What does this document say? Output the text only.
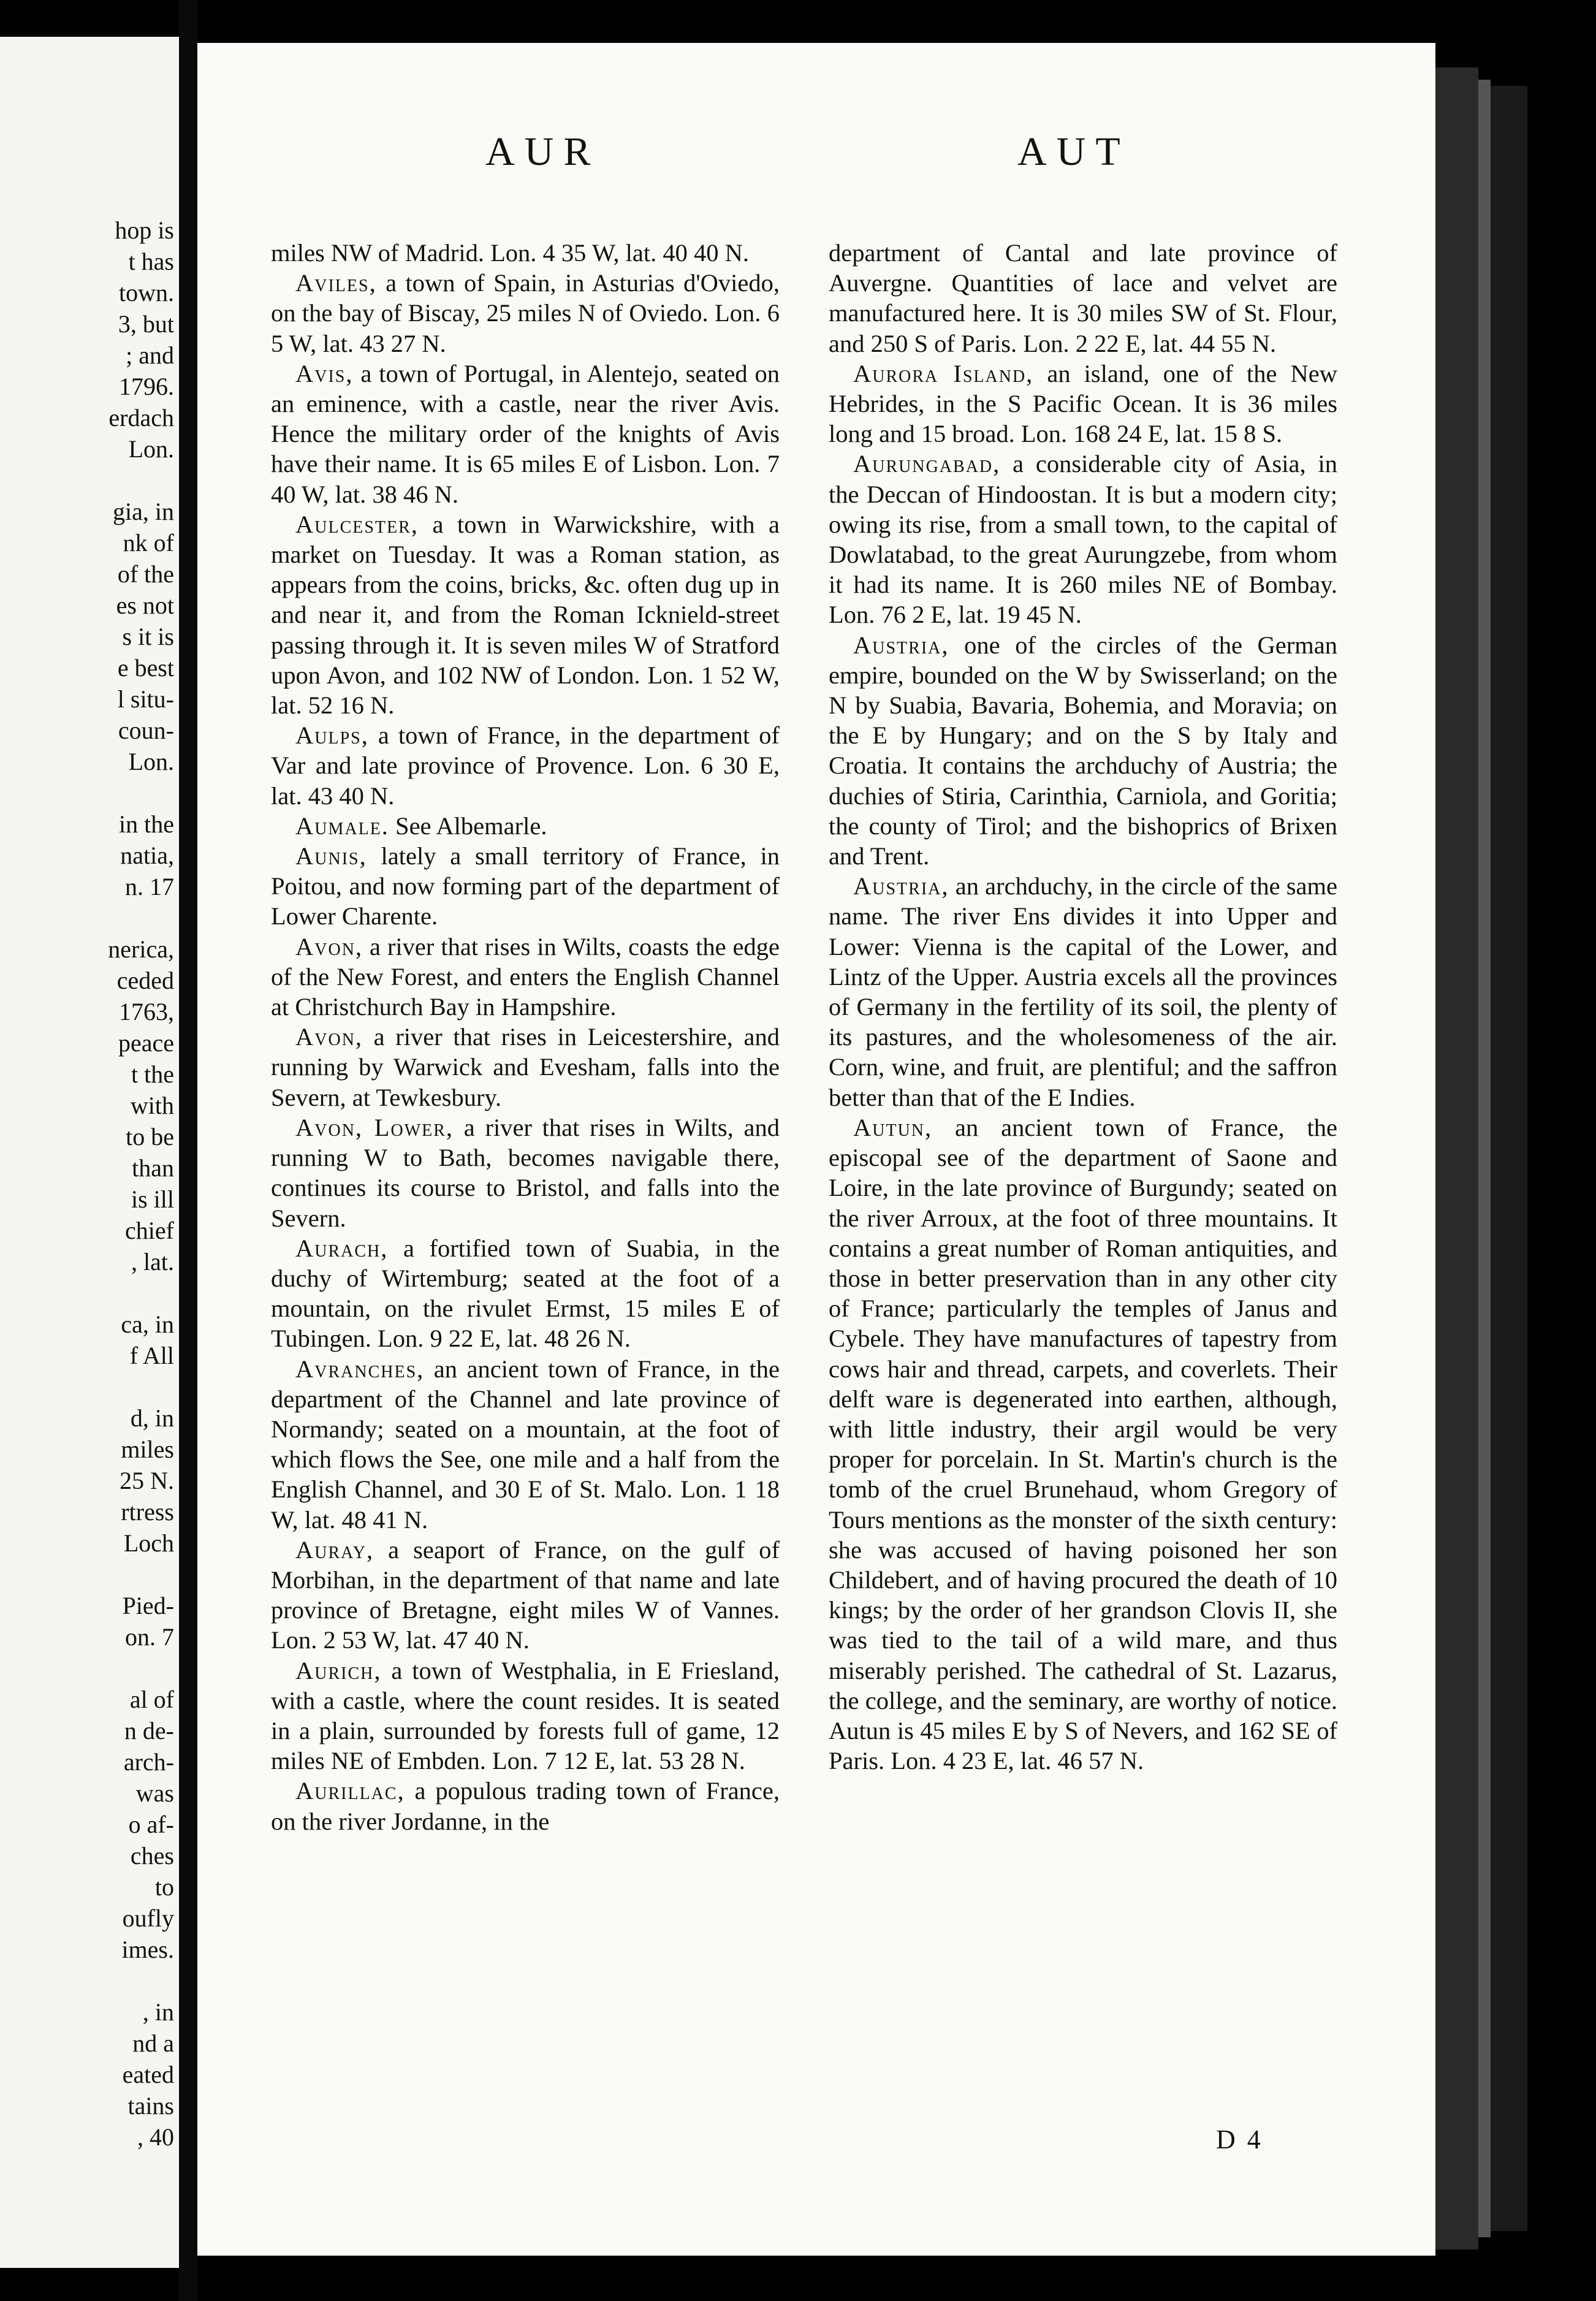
hop is
t has
town.
3, but
; and
1796.
erdach
Lon.

gia, in
nk of
of the
es not
s it is
e best
l situ-
coun-
Lon.

in the
natia,
n. 17

nerica,
ceded
1763,
peace
t the
with
to be
than
is ill
chief
, lat.

ca, in
f All

d, in
miles
25 N.
rtress
Loch

Pied-
on. 7

al of
n de-
arch-
was
o af-
ches
to
oufly
imes.

, in
nd a
eated
tains
, 40
AUR	AUT

miles NW of Madrid. Lon. 4 35 W, lat. 40 40 N.

Aviles, a town of Spain, in Asturias d'Oviedo, on the bay of Biscay, 25 miles N of Oviedo. Lon. 6 5 W, lat. 43 27 N.

Avis, a town of Portugal, in Alentejo, seated on an eminence, with a castle, near the river Avis. Hence the military order of the knights of Avis have their name. It is 65 miles E of Lisbon. Lon. 7 40 W, lat. 38 46 N.

Aulcester, a town in Warwickshire, with a market on Tuesday. It was a Roman station, as appears from the coins, bricks, &c. often dug up in and near it, and from the Roman Icknield-street passing through it. It is seven miles W of Stratford upon Avon, and 102 NW of London. Lon. 1 52 W, lat. 52 16 N.

Aulps, a town of France, in the department of Var and late province of Provence. Lon. 6 30 E, lat. 43 40 N.

Aumale. See Albemarle.

Aunis, lately a small territory of France, in Poitou, and now forming part of the department of Lower Charente.

Avon, a river that rises in Wilts, coasts the edge of the New Forest, and enters the English Channel at Christchurch Bay in Hampshire.

Avon, a river that rises in Leicestershire, and running by Warwick and Evesham, falls into the Severn, at Tewkesbury.

Avon, Lower, a river that rises in Wilts, and running W to Bath, becomes navigable there, continues its course to Bristol, and falls into the Severn.

Aurach, a fortified town of Suabia, in the duchy of Wirtemburg; seated at the foot of a mountain, on the rivulet Ermst, 15 miles E of Tubingen. Lon. 9 22 E, lat. 48 26 N.

Avranches, an ancient town of France, in the department of the Channel and late province of Normandy; seated on a mountain, at the foot of which flows the See, one mile and a half from the English Channel, and 30 E of St. Malo. Lon. 1 18 W, lat. 48 41 N.

Auray, a seaport of France, on the gulf of Morbihan, in the department of that name and late province of Bretagne, eight miles W of Vannes. Lon. 2 53 W, lat. 47 40 N.

Aurich, a town of Westphalia, in E Friesland, with a castle, where the count resides. It is seated in a plain, surrounded by forests full of game, 12 miles NE of Embden. Lon. 7 12 E, lat. 53 28 N.

Aurillac, a populous trading town of France, on the river Jordanne, in the

department of Cantal and late province of Auvergne. Quantities of lace and velvet are manufactured here. It is 30 miles SW of St. Flour, and 250 S of Paris. Lon. 2 22 E, lat. 44 55 N.

Aurora Island, an island, one of the New Hebrides, in the S Pacific Ocean. It is 36 miles long and 15 broad. Lon. 168 24 E, lat. 15 8 S.

Aurungabad, a considerable city of Asia, in the Deccan of Hindoostan. It is but a modern city; owing its rise, from a small town, to the capital of Dowlatabad, to the great Aurungzebe, from whom it had its name. It is 260 miles NE of Bombay. Lon. 76 2 E, lat. 19 45 N.

Austria, one of the circles of the German empire, bounded on the W by Swisserland; on the N by Suabia, Bavaria, Bohemia, and Moravia; on the E by Hungary; and on the S by Italy and Croatia. It contains the archduchy of Austria; the duchies of Stiria, Carinthia, Carniola, and Goritia; the county of Tirol; and the bishoprics of Brixen and Trent.

Austria, an archduchy, in the circle of the same name. The river Ens divides it into Upper and Lower: Vienna is the capital of the Lower, and Lintz of the Upper. Austria excels all the provinces of Germany in the fertility of its soil, the plenty of its pastures, and the wholesomeness of the air. Corn, wine, and fruit, are plentiful; and the saffron better than that of the E Indies.

Autun, an ancient town of France, the episcopal see of the department of Saone and Loire, in the late province of Burgundy; seated on the river Arroux, at the foot of three mountains. It contains a great number of Roman antiquities, and those in better preservation than in any other city of France; particularly the temples of Janus and Cybele. They have manufactures of tapestry from cows hair and thread, carpets, and coverlets. Their delft ware is degenerated into earthen, although, with little industry, their argil would be very proper for porcelain. In St. Martin's church is the tomb of the cruel Brunehaud, whom Gregory of Tours mentions as the monster of the sixth century: she was accused of having poisoned her son Childebert, and of having procured the death of 10 kings; by the order of her grandson Clovis II, she was tied to the tail of a wild mare, and thus miserably perished. The cathedral of St. Lazarus, the college, and the seminary, are worthy of notice. Autun is 45 miles E by S of Nevers, and 162 SE of Paris. Lon. 4 23 E, lat. 46 57 N.

D 4
